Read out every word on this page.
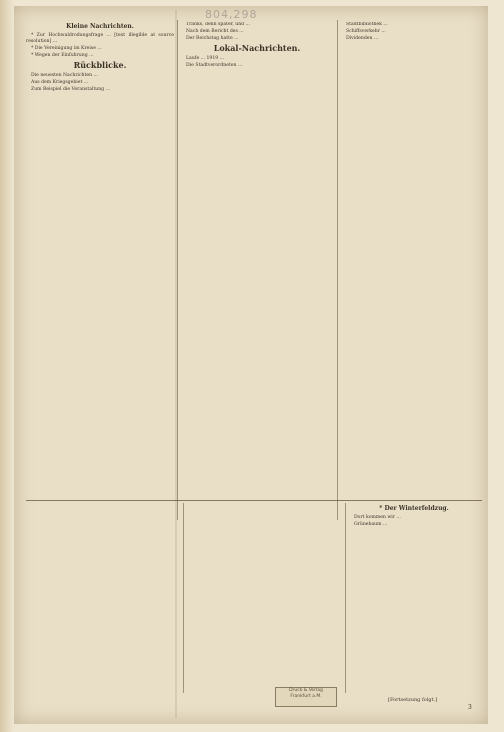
804,298
Kleine Nachrichten.

* Zur Hochwaldrodungsfrage ... [text illegible at source resolution] ...

* Die Vereinigung im Kreise ...

* Wegen der Einfuhrung ...

Rückblicke.

Die neuesten Nachrichten ...

Aus dem Kriegsgebiet ...

Zum Beispiel die Veranstaltung ...

Tranks, denn später, und ...

Nach dem Bericht des ...

Der Reichstag hatte ...

Lokal-Nachrichten.

Laufe ... 1919 ...

Die Stadtverordneten ...

Stadtbibliothek ...

Schiffsverkehr ...

Dividenden ...

* Der Winterfeldzug.

Dort kommen wir ...

Grünebaum ...

Druck & Verlag
Frankfurt a.M.
[Fortsetzung folgt.]
3
